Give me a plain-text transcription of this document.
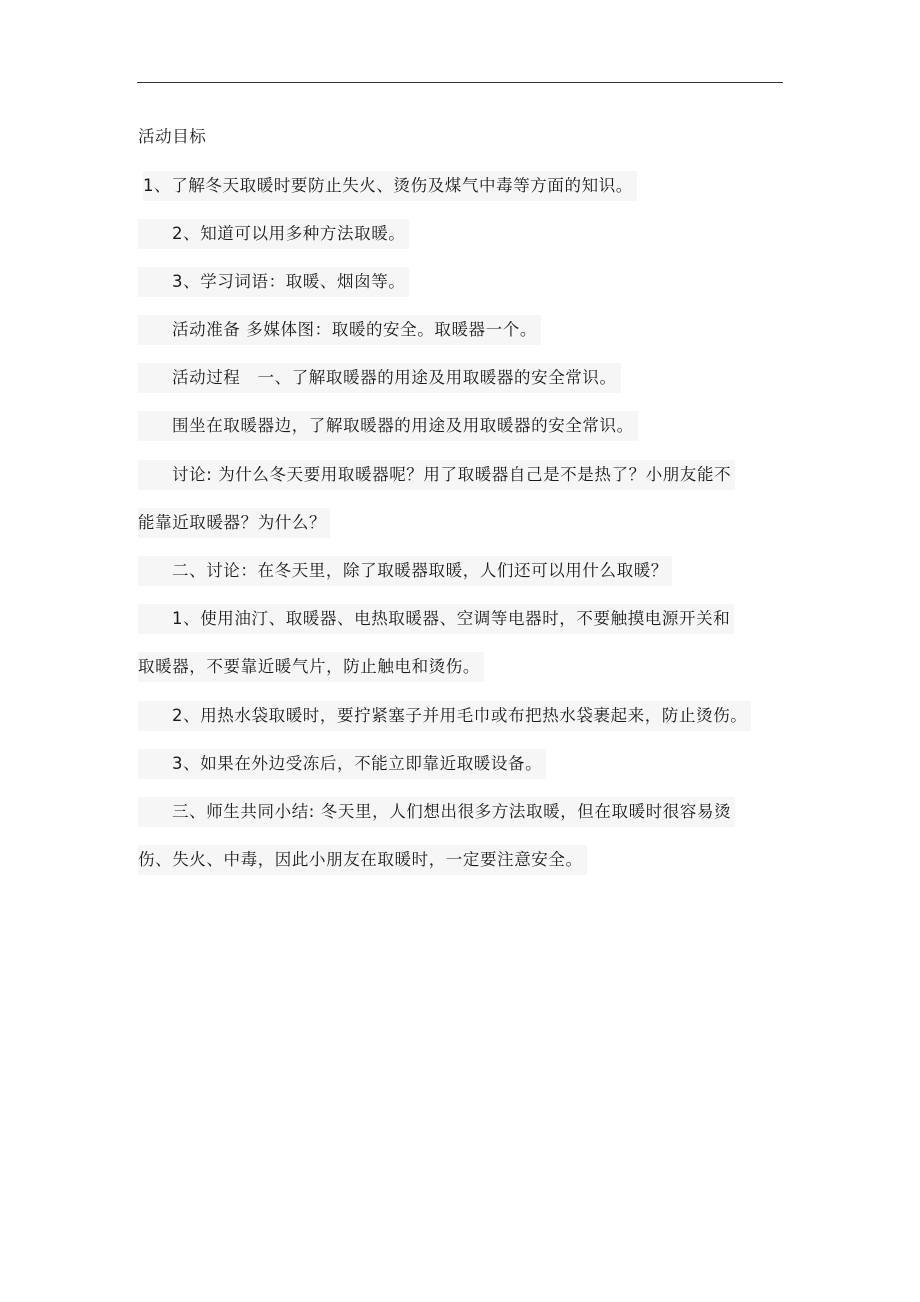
活动目标
1、了解冬天取暖时要防止失火、烫伤及煤气中毒等方面的知识。
2、知道可以用多种方法取暖。
3、学习词语：取暖、烟囱等。
活动准备 多媒体图：取暖的安全。取暖器一个。
活动过程　一、了解取暖器的用途及用取暖器的安全常识。
围坐在取暖器边，了解取暖器的用途及用取暖器的安全常识。
讨论: 为什么冬天要用取暖器呢？用了取暖器自己是不是热了？小朋友能不
能靠近取暖器？为什么？
二、讨论：在冬天里，除了取暖器取暖，人们还可以用什么取暖？
1、使用油汀、取暖器、电热取暖器、空调等电器时，不要触摸电源开关和
取暖器，不要靠近暖气片，防止触电和烫伤。
2、用热水袋取暖时，要拧紧塞子并用毛巾或布把热水袋裹起来，防止烫伤。
3、如果在外边受冻后，不能立即靠近取暖设备。
三、师生共同小结: 冬天里，人们想出很多方法取暖，但在取暖时很容易烫
伤、失火、中毒，因此小朋友在取暖时，一定要注意安全。
